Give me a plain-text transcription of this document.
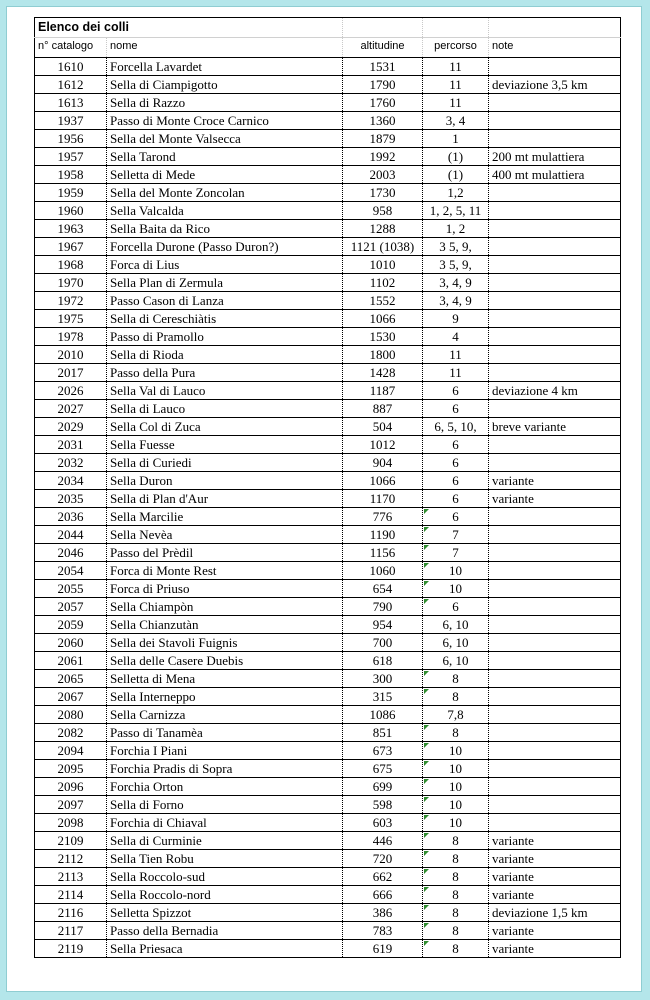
Elenco dei colli				
n° catalogo	nome	altitudine	percorso	note
1610	Forcella Lavardet	1531	11	
1612	Sella di Ciampigotto	1790	11	deviazione 3,5 km
1613	Sella di Razzo	1760	11	
1937	Passo di Monte Croce Carnico	1360	3, 4	
1956	Sella del Monte Valsecca	1879	1	
1957	Sella Tarond	1992	(1)	200 mt mulattiera
1958	Selletta di Mede	2003	(1)	400 mt mulattiera
1959	Sella del Monte Zoncolan	1730	1,2	
1960	Sella Valcalda	958	1, 2, 5, 11	
1963	Sella Baita da Rico	1288	1, 2	
1967	Forcella Durone (Passo Duron?)	1121 (1038)	3 5, 9,	
1968	Forca di Lius	1010	3 5, 9,	
1970	Sella Plan di Zermula	1102	3, 4, 9	
1972	Passo Cason di Lanza	1552	3, 4, 9	
1975	Sella di Cereschiàtis	1066	9	
1978	Passo di Pramollo	1530	4	
2010	Sella di Rioda	1800	11	
2017	Passo della Pura	1428	11	
2026	Sella Val di Lauco	1187	6	deviazione 4 km
2027	Sella di Lauco	887	6	
2029	Sella Col di Zuca	504	6, 5, 10,	breve variante
2031	Sella Fuesse	1012	6	
2032	Sella di Curiedi	904	6	
2034	Sella Duron	1066	6	variante
2035	Sella di Plan d'Aur	1170	6	variante
2036	Sella Marcilie	776	6	
2044	Sella Nevèa	1190	7	
2046	Passo del Prèdil	1156	7	
2054	Forca di Monte Rest	1060	10	
2055	Forca di Priuso	654	10	
2057	Sella Chiampòn	790	6	
2059	Sella Chianzutàn	954	6, 10	
2060	Sella dei Stavoli Fuignis	700	6, 10	
2061	Sella delle Casere Duebis	618	6, 10	
2065	Selletta di Mena	300	8	
2067	Sella Interneppo	315	8	
2080	Sella Carnizza	1086	7,8	
2082	Passo di Tanamèa	851	8	
2094	Forchia I Piani	673	10	
2095	Forchia Pradis di Sopra	675	10	
2096	Forchia Orton	699	10	
2097	Sella di Forno	598	10	
2098	Forchia di Chiaval	603	10	
2109	Sella di Curminie	446	8	variante
2112	Sella Tien Robu	720	8	variante
2113	Sella Roccolo-sud	662	8	variante
2114	Sella Roccolo-nord	666	8	variante
2116	Selletta Spizzot	386	8	deviazione 1,5 km
2117	Passo della Bernadia	783	8	variante
2119	Sella Priesaca	619	8	variante
